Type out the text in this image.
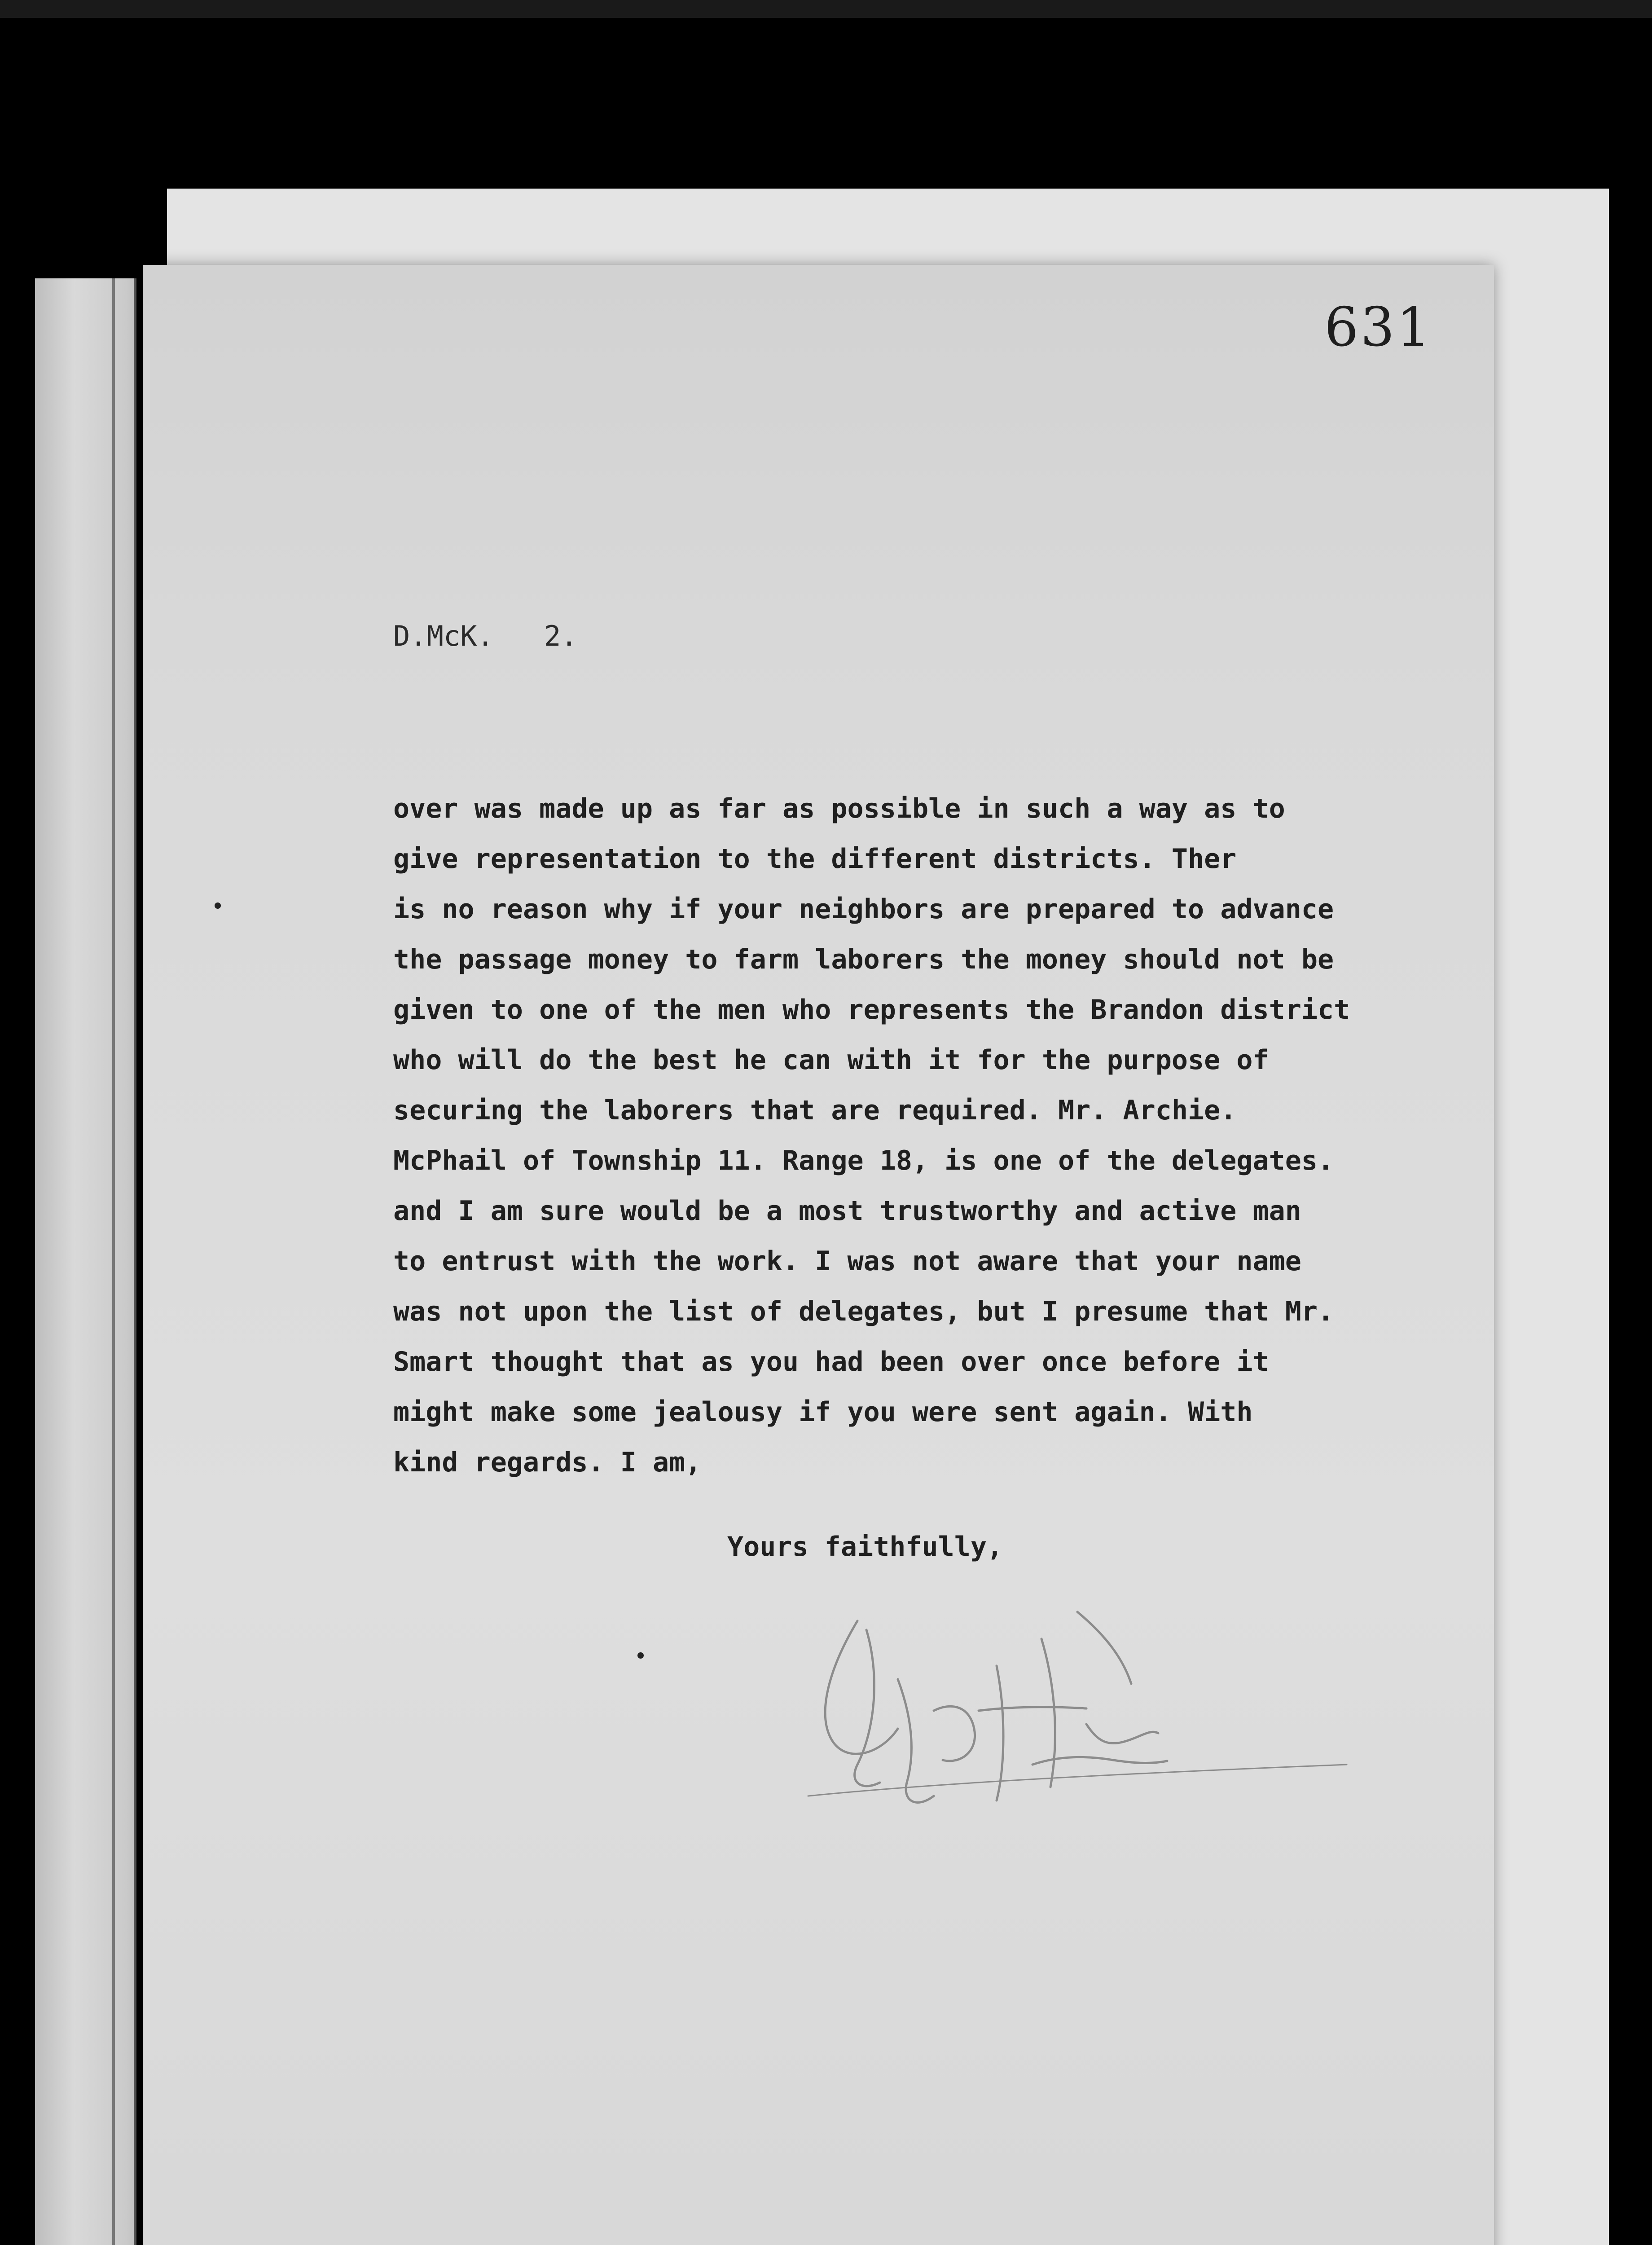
631
D.McK.   2.
over was made up as far as possible in such a way as to
give representation to the different districts. Ther
is no reason why if your neighbors are prepared to advance
the passage money to farm laborers the money should not be
given to one of the men who represents the Brandon district
who will do the best he can with it for the purpose of
securing the laborers that are required. Mr. Archie.
McPhail of Township 11. Range 18, is one of the delegates.
and I am sure would be a most trustworthy and active man
to entrust with the work. I was not aware that your name
was not upon the list of delegates, but I presume that Mr.
Smart thought that as you had been over once before it
might make some jealousy if you were sent again. With
kind regards. I am,
Yours faithfully,
